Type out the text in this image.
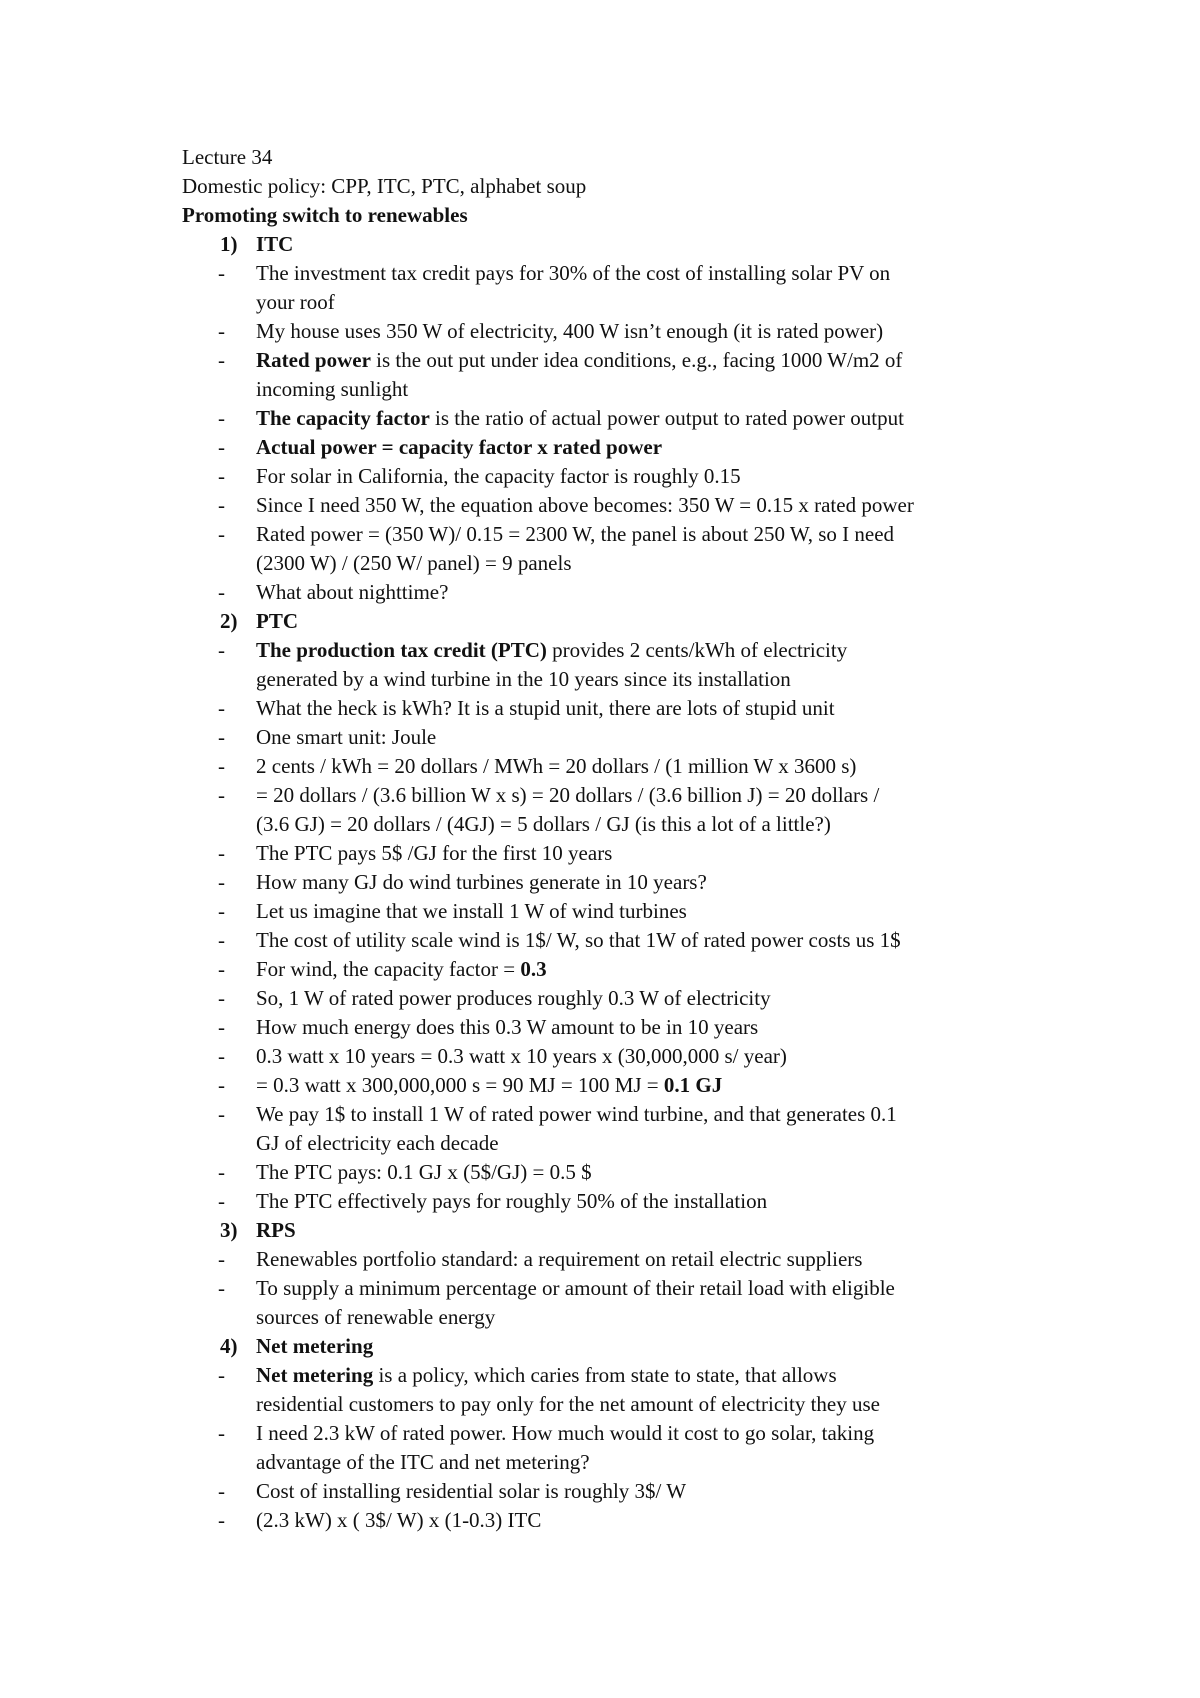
Lecture 34

Domestic policy: CPP, ITC, PTC, alphabet soup

Promoting switch to renewables

1) ITC
- The investment tax credit pays for 30% of the cost of installing solar PV on
your roof
- My house uses 350 W of electricity, 400 W isn’t enough (it is rated power)
- Rated power is the out put under idea conditions, e.g., facing 1000 W/m2 of
incoming sunlight
- The capacity factor is the ratio of actual power output to rated power output
- Actual power = capacity factor x rated power
- For solar in California, the capacity factor is roughly 0.15
- Since I need 350 W, the equation above becomes: 350 W = 0.15 x rated power
- Rated power = (350 W)/ 0.15 = 2300 W, the panel is about 250 W, so I need
(2300 W) / (250 W/ panel) = 9 panels
- What about nighttime?
2) PTC
- The production tax credit (PTC) provides 2 cents/kWh of electricity
generated by a wind turbine in the 10 years since its installation
- What the heck is kWh? It is a stupid unit, there are lots of stupid unit
- One smart unit: Joule
- 2 cents / kWh = 20 dollars / MWh = 20 dollars / (1 million W x 3600 s)
- = 20 dollars / (3.6 billion W x s) = 20 dollars / (3.6 billion J) = 20 dollars /
(3.6 GJ) = 20 dollars / (4GJ) = 5 dollars / GJ (is this a lot of a little?)
- The PTC pays 5$ /GJ for the first 10 years
- How many GJ do wind turbines generate in 10 years?
- Let us imagine that we install 1 W of wind turbines
- The cost of utility scale wind is 1$/ W, so that 1W of rated power costs us 1$
- For wind, the capacity factor = 0.3
- So, 1 W of rated power produces roughly 0.3 W of electricity
- How much energy does this 0.3 W amount to be in 10 years
- 0.3 watt x 10 years = 0.3 watt x 10 years x (30,000,000 s/ year)
- = 0.3 watt x 300,000,000 s = 90 MJ = 100 MJ = 0.1 GJ
- We pay 1$ to install 1 W of rated power wind turbine, and that generates 0.1
GJ of electricity each decade
- The PTC pays: 0.1 GJ x (5$/GJ) = 0.5 $
- The PTC effectively pays for roughly 50% of the installation
3) RPS
- Renewables portfolio standard: a requirement on retail electric suppliers
- To supply a minimum percentage or amount of their retail load with eligible
sources of renewable energy
4) Net metering
- Net metering is a policy, which caries from state to state, that allows
residential customers to pay only for the net amount of electricity they use
- I need 2.3 kW of rated power. How much would it cost to go solar, taking
advantage of the ITC and net metering?
- Cost of installing residential solar is roughly 3$/ W
- (2.3 kW) x ( 3$/ W) x (1-0.3) ITC
